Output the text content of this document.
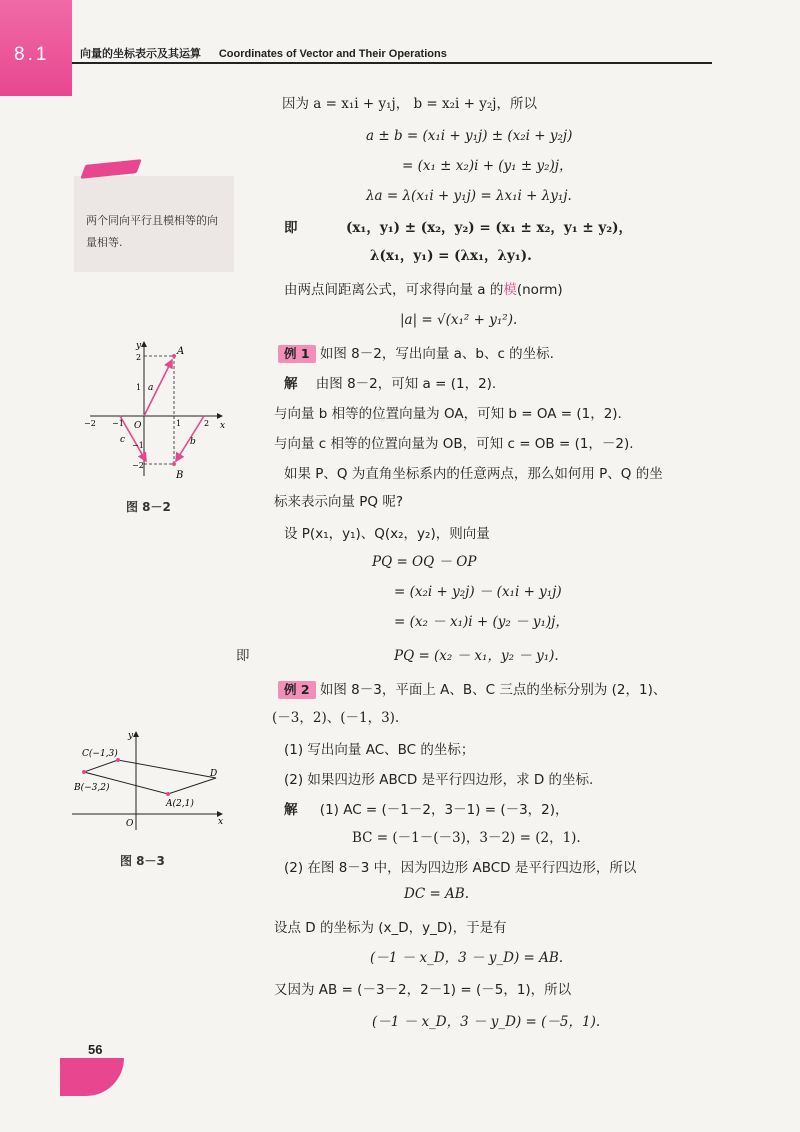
8.1	向量的坐标表示及其运算 Coordinates of Vector and Their Operations
两个同向平行且模相等的向量相等.
因为 a = x₁i + y₁j， b = x₂i + y₂j，所以
a ± b = (x₁i + y₁j) ± (x₂i + y₂j)
= (x₁ ± x₂)i + (y₁ ± y₂)j，
λa = λ(x₁i + y₁j) = λx₁i + λy₁j.
即	(x₁，y₁) ± (x₂，y₂) = (x₁ ± x₂，y₁ ± y₂)，
λ(x₁，y₁) = (λx₁，λy₁).
由两点间距离公式，可求得向量 a 的模(norm)
|a| = √(x₁² + y₁²).
例 1 如图 8－2，写出向量 a、b、c 的坐标.
解 由图 8－2，可知 a = (1，2).
与向量 b 相等的位置向量为 OA，可知 b = OA = (1，2).
与向量 c 相等的位置向量为 OB，可知 c = OB = (1，－2).
如果 P、Q 为直角坐标系内的任意两点，那么如何用 P、Q 的坐
标来表示向量 PQ 呢?
设 P(x₁，y₁)、Q(x₂，y₂)，则向量
PQ = OQ － OP
= (x₂i + y₂j) － (x₁i + y₁j)
= (x₂ － x₁)i + (y₂ － y₁)j，
即	PQ = (x₂ － x₁，y₂ － y₁).
例 2 如图 8－3，平面上 A、B、C 三点的坐标分别为 (2，1)、
(－3，2)、(－1，3).
(1) 写出向量 AC、BC 的坐标；
(2) 如果四边形 ABCD 是平行四边形，求 D 的坐标.
解 (1) AC = (－1－2，3－1) = (－3，2)，
BC = (－1－(－3)，3－2) = (2，1).
(2) 在图 8－3 中，因为四边形 ABCD 是平行四边形，所以
DC = AB.
设点 D 的坐标为 (x_D，y_D)，于是有
(－1 － x_D，3 － y_D) = AB.
又因为 AB = (－3－2，2－1) = (－5，1)，所以
(－1 － x_D，3 － y_D) = (－5，1).
y
x
O
A
B
a
b
c
2
1
−2 −1	1	2
−1
−2
图 8－2
y
x
O
C(−1,3)
B(−3,2)
A(2,1)
D
图 8－3
56
